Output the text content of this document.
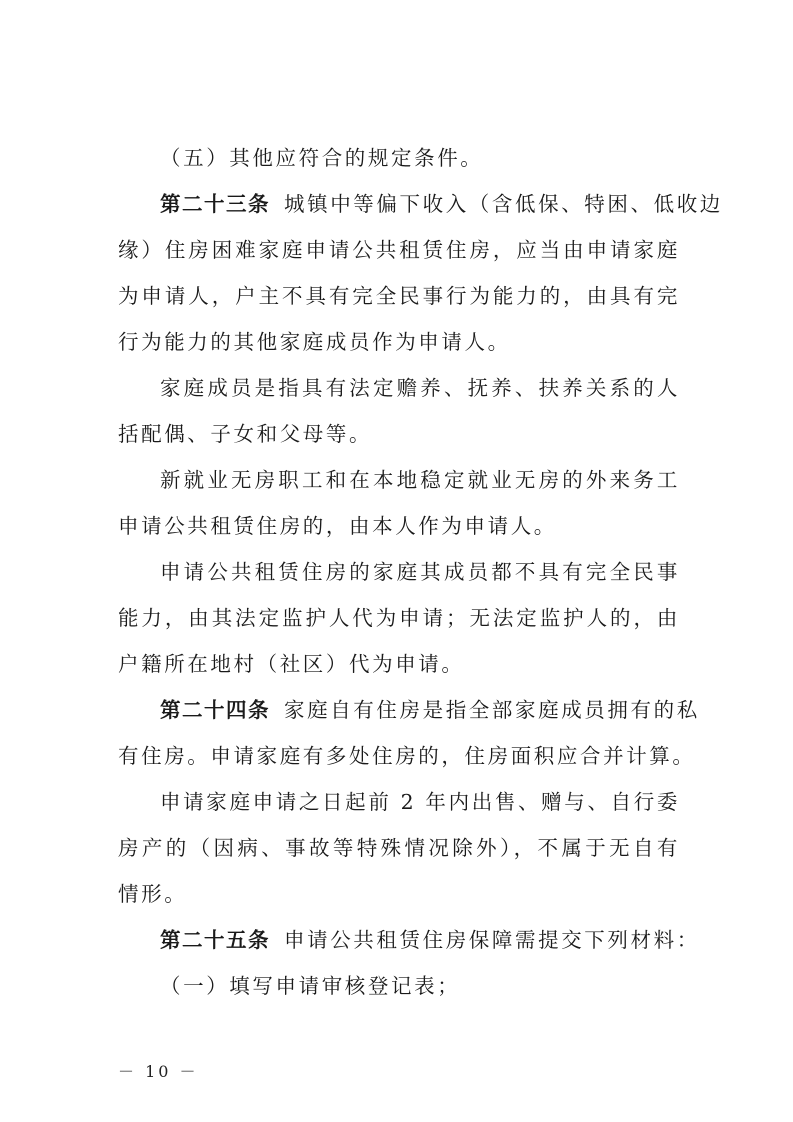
（五）其他应符合的规定条件。
第二十三条 城镇中等偏下收入（含低保、特困、低收边
缘）住房困难家庭申请公共租赁住房，应当由申请家庭
为申请人，户主不具有完全民事行为能力的，由具有完
行为能力的其他家庭成员作为申请人。
家庭成员是指具有法定赡养、抚养、扶养关系的人
括配偶、子女和父母等。
新就业无房职工和在本地稳定就业无房的外来务工
申请公共租赁住房的，由本人作为申请人。
申请公共租赁住房的家庭其成员都不具有完全民事
能力，由其法定监护人代为申请；无法定监护人的，由
户籍所在地村（社区）代为申请。
第二十四条 家庭自有住房是指全部家庭成员拥有的私
有住房。申请家庭有多处住房的，住房面积应合并计算。
申请家庭申请之日起前 2 年内出售、赠与、自行委
房产的（因病、事故等特殊情况除外），不属于无自有
情形。
第二十五条 申请公共租赁住房保障需提交下列材料：
（一）填写申请审核登记表；
－ 10 －
